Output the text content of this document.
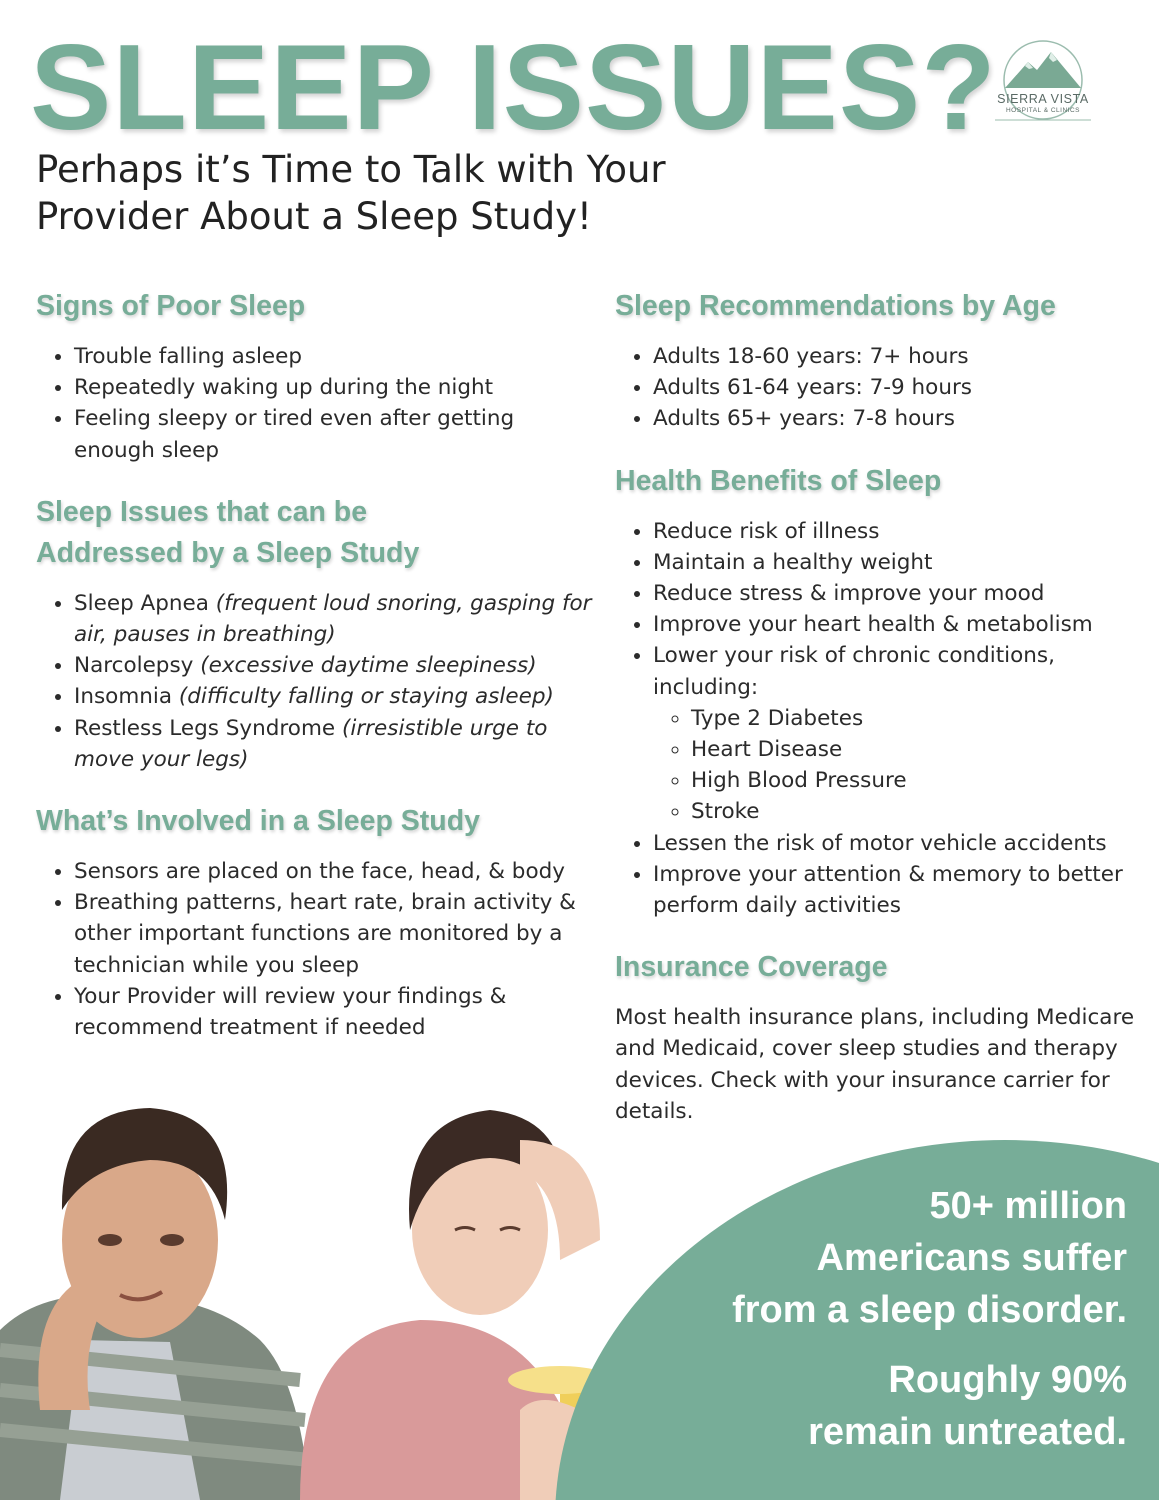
SLEEP ISSUES? SIERRA VISTA
HOSPITAL & CLINICS
Perhaps it’s Time to Talk with Your
Provider About a Sleep Study!
Signs of Poor Sleep
• Trouble falling asleep
• Repeatedly waking up during the night
• Feeling sleepy or tired even after getting enough sleep
Sleep Issues that can be
Addressed by a Sleep Study
• Sleep Apnea (frequent loud snoring, gasping for air, pauses in breathing)
• Narcolepsy (excessive daytime sleepiness)
• Insomnia (difficulty falling or staying asleep)
• Restless Legs Syndrome (irresistible urge to move your legs)
What’s Involved in a Sleep Study
• Sensors are placed on the face, head, & body
• Breathing patterns, heart rate, brain activity & other important functions are monitored by a technician while you sleep
• Your Provider will review your findings & recommend treatment if needed
Sleep Recommendations by Age
• Adults 18-60 years: 7+ hours
• Adults 61-64 years: 7-9 hours
• Adults 65+ years: 7-8 hours
Health Benefits of Sleep
• Reduce risk of illness
• Maintain a healthy weight
• Reduce stress & improve your mood
• Improve your heart health & metabolism
• Lower your risk of chronic conditions, including:
◦ Type 2 Diabetes
◦ Heart Disease
◦ High Blood Pressure
◦ Stroke
• Lessen the risk of motor vehicle accidents
• Improve your attention & memory to better perform daily activities
Insurance Coverage

Most health insurance plans, including Medicare and Medicaid, cover sleep studies and therapy devices. Check with your insurance carrier for details.

50+ million
Americans suffer
from a sleep disorder.

Roughly 90%
remain untreated.
